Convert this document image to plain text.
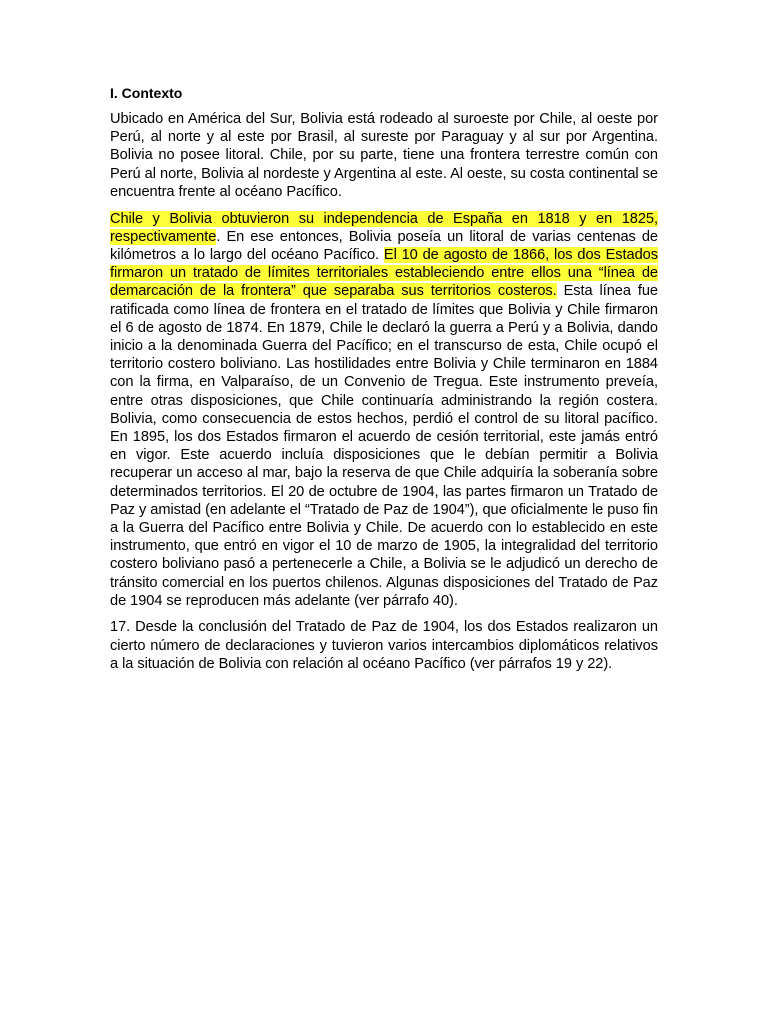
I. Contexto

Ubicado en América del Sur, Bolivia está rodeado al suroeste por Chile, al oeste por Perú, al norte y al este por Brasil, al sureste por Paraguay y al sur por Argentina. Bolivia no posee litoral. Chile, por su parte, tiene una frontera terrestre común con Perú al norte, Bolivia al nordeste y Argentina al este. Al oeste, su costa continental se encuentra frente al océano Pacífico.

Chile y Bolivia obtuvieron su independencia de España en 1818 y en 1825, respectivamente. En ese entonces, Bolivia poseía un litoral de varias centenas de kilómetros a lo largo del océano Pacífico. El 10 de agosto de 1866, los dos Estados firmaron un tratado de límites territoriales estableciendo entre ellos una “línea de demarcación de la frontera” que separaba sus territorios costeros. Esta línea fue ratificada como línea de frontera en el tratado de límites que Bolivia y Chile firmaron el 6 de agosto de 1874. En 1879, Chile le declaró la guerra a Perú y a Bolivia, dando inicio a la denominada Guerra del Pacífico; en el transcurso de esta, Chile ocupó el territorio costero boliviano. Las hostilidades entre Bolivia y Chile terminaron en 1884 con la firma, en Valparaíso, de un Convenio de Tregua. Este instrumento preveía, entre otras disposiciones, que Chile continuaría administrando la región costera. Bolivia, como consecuencia de estos hechos, perdió el control de su litoral pacífico. En 1895, los dos Estados firmaron el acuerdo de cesión territorial, este jamás entró en vigor. Este acuerdo incluía disposiciones que le debían permitir a Bolivia recuperar un acceso al mar, bajo la reserva de que Chile adquiría la soberanía sobre determinados territorios. El 20 de octubre de 1904, las partes firmaron un Tratado de Paz y amistad (en adelante el “Tratado de Paz de 1904”), que oficialmente le puso fin a la Guerra del Pacífico entre Bolivia y Chile. De acuerdo con lo establecido en este instrumento, que entró en vigor el 10 de marzo de 1905, la integralidad del territorio costero boliviano pasó a pertenecerle a Chile, a Bolivia se le adjudicó un derecho de tránsito comercial en los puertos chilenos. Algunas disposiciones del Tratado de Paz de 1904 se reproducen más adelante (ver párrafo 40).

17. Desde la conclusión del Tratado de Paz de 1904, los dos Estados realizaron un cierto número de declaraciones y tuvieron varios intercambios diplomáticos relativos a la situación de Bolivia con relación al océano Pacífico (ver párrafos 19 y 22).
